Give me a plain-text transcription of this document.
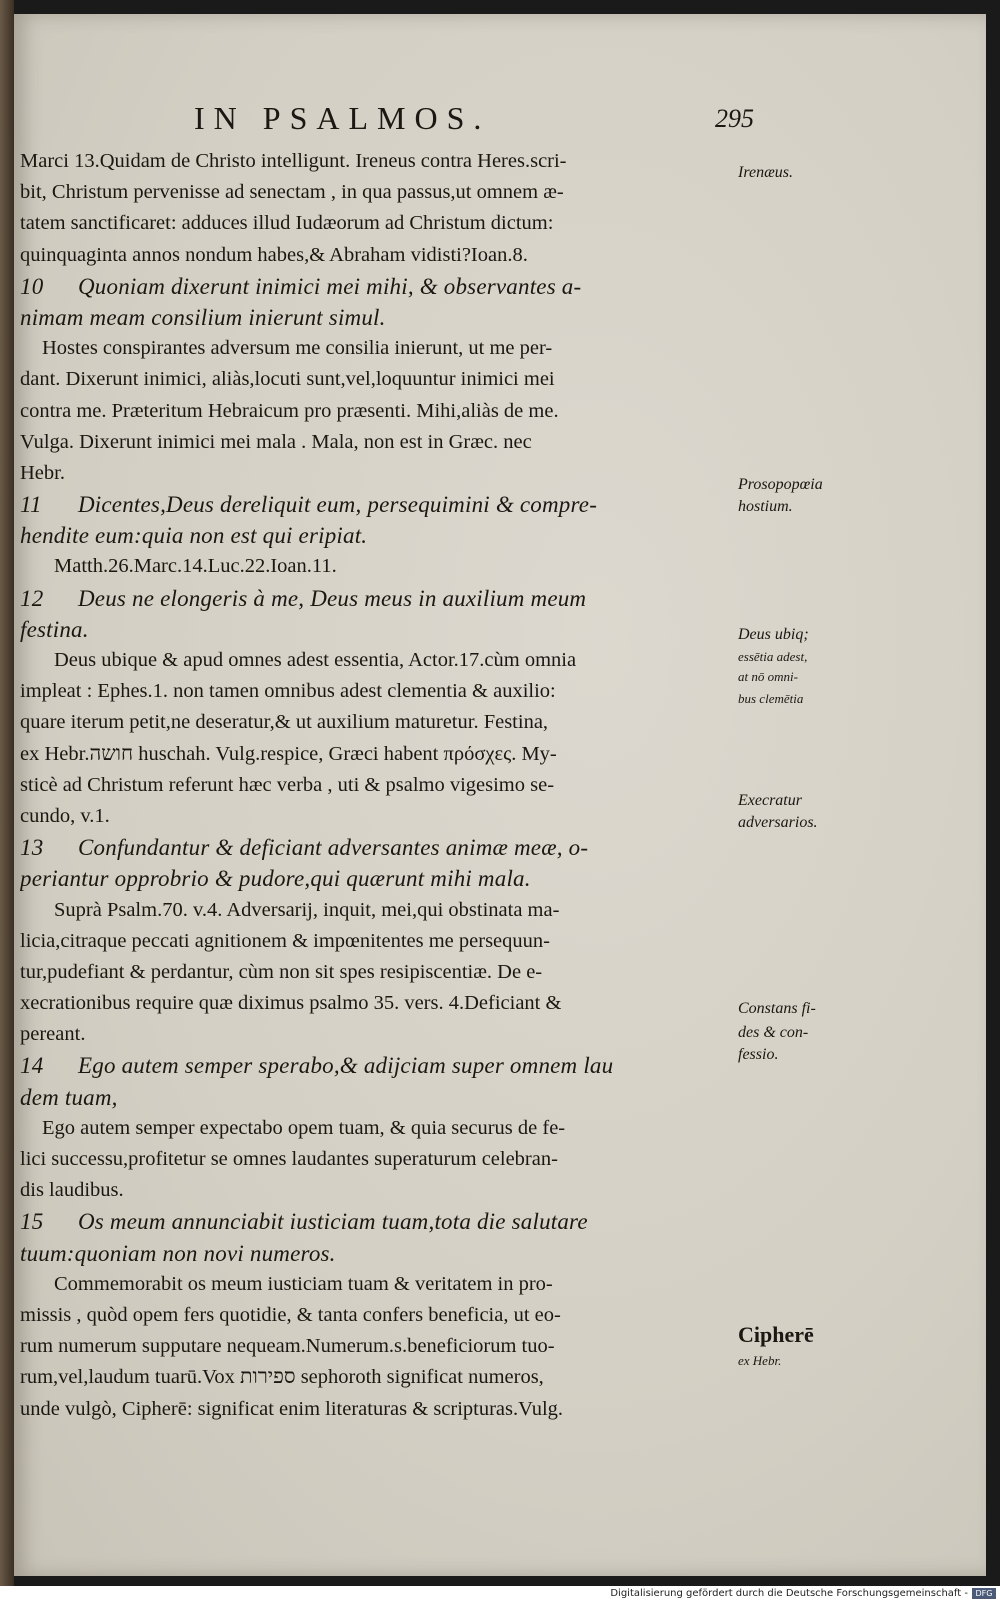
IN PSALMOS.	295
Marci 13.Quidam de Christo intelligunt. Ireneus contra Heres.scri-
bit, Christum pervenisse ad senectam , in qua passus,ut omnem æ-
tatem sanctificaret: adduces illud Iudæorum ad Christum dictum:
quinquaginta annos nondum habes,& Abraham vidisti?Ioan.8.
10 Quoniam dixerunt inimici mei mihi, & observantes a-
nimam meam consilium inierunt simul.
Hostes conspirantes adversum me consilia inierunt, ut me per-
dant. Dixerunt inimici, aliàs,locuti sunt,vel,loquuntur inimici mei
contra me. Præteritum Hebraicum pro præsenti. Mihi,aliàs de me.
Vulga. Dixerunt inimici mei mala . Mala, non est in Græc. nec
Hebr.
11 Dicentes,Deus dereliquit eum, persequimini & compre-
hendite eum:quia non est qui eripiat.
Matth.26.Marc.14.Luc.22.Ioan.11.
12 Deus ne elongeris à me, Deus meus in auxilium meum
festina.
Deus ubique & apud omnes adest essentia, Actor.17.cùm omnia
impleat : Ephes.1. non tamen omnibus adest clementia & auxilio:
quare iterum petit,ne deseratur,& ut auxilium maturetur. Festina,
ex Hebr.חושה huschah. Vulg.respice, Græci habent πρόσχες. My-
sticè ad Christum referunt hæc verba , uti & psalmo vigesimo se-
cundo, v.1.
13 Confundantur & deficiant adversantes animæ meæ, o-
periantur opprobrio & pudore,qui quærunt mihi mala.
Suprà Psalm.70. v.4. Adversarij, inquit, mei,qui obstinata ma-
licia,citraque peccati agnitionem & impœnitentes me persequun-
tur,pudefiant & perdantur, cùm non sit spes resipiscentiæ. De e-
xecrationibus require quæ diximus psalmo 35. vers. 4.Deficiant &
pereant.
14 Ego autem semper sperabo,& adijciam super omnem lau
dem tuam,
Ego autem semper expectabo opem tuam, & quia securus de fe-
lici successu,profitetur se omnes laudantes superaturum celebran-
dis laudibus.
15 Os meum annunciabit iusticiam tuam,tota die salutare
tuum:quoniam non novi numeros.
Commemorabit os meum iusticiam tuam & veritatem in pro-
missis , quòd opem fers quotidie, & tanta confers beneficia, ut eo-
rum numerum supputare nequeam.Numerum.s.beneficiorum tuo-
rum,vel,laudum tuarū.Vox ספירות sephoroth significat numeros,
unde vulgò, Cipherē: significat enim literaturas & scripturas.Vulg.
Irenæus.
Prosopopœia
hostium.
Deus ubiq;
essētia adest,
at nō omni-
bus clemētia
Execratur
adversarios.
Constans fi-
des & con-
fessio.
Cipherē
ex Hebr.
Digitalisierung gefördert durch die Deutsche Forschungsgemeinschaft - DFG
